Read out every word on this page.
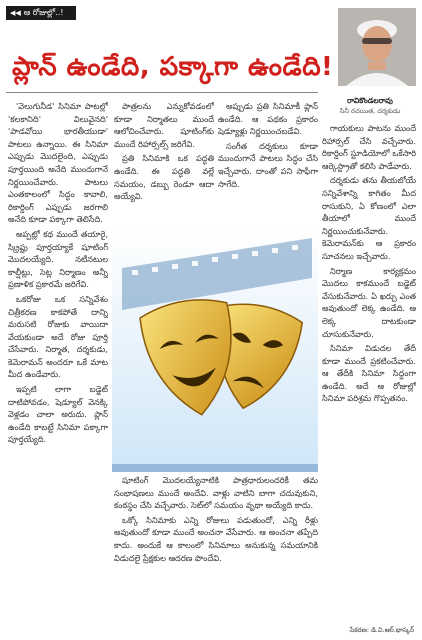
◀◀ ఆ రోజుల్లో..!
ప్లాన్ ఉండేది, పక్కాగా ఉండేది!
రావికొండలరావు
సినీ రచయిత, దర్శకుడు

'వెలుగునీడ' సినిమా పాటల్లో 'కలకానిది' విలువైనది' 'పాడవోయి భారతీయుడా' పాటలు ఉన్నాయి. ఈ సినిమా ఎప్పుడు మొదలైంది, ఎప్పుడు పూర్తయింది అనేది ముందుగానే నిర్ణయించేవారు. పాటలు ఎంతకాలంలో సిద్ధం కావాలి, రికార్డింగ్ ఎప్పుడు జరగాలి అనేది కూడా పక్కాగా తెలిసేది.

అప్పట్లో కథ ముందే తయారై, స్క్రిప్టు పూర్తయ్యాకే షూటింగ్ మొదలయ్యేది. నటీనటుల కాల్షీట్లు, సెట్ల నిర్మాణం అన్నీ ప్రణాళిక ప్రకారమే జరిగేవి.

ఒకరోజు ఒక సన్నివేశం చిత్రీకరణ కాకపోతే దాన్ని మరుసటి రోజుకు వాయిదా వేయకుండా అదే రోజు పూర్తి చేసేవారు. నిర్మాత, దర్శకుడు, కెమెరామన్ అందరూ ఒకే మాట మీద ఉండేవారు.

ఇప్పటి లాగా బడ్జెట్ దాటిపోవడం, షెడ్యూల్ వెనక్కి వెళ్లడం చాలా అరుదు. ప్లాన్ ఉండేది కాబట్టే సినిమా పక్కాగా పూర్తయ్యేది.

పాత్రలను ఎన్నుకోవడంలో కూడా నిర్మాతలు ముందే ఆలోచించేవారు. షూటింగ్‌కు ముందే రిహార్సల్స్ జరిగేవి.

ప్రతి సినిమాకి ఒక పద్ధతి ఉండేది. ఈ పద్ధతి వల్లే సమయం, డబ్బు రెండూ ఆదా అయ్యేవి.

అప్పుడు ప్రతి సినిమాకీ ప్లాన్ ఉండేది. ఆ పథకం ప్రకారం షెడ్యూళ్లు నిర్ణయించబడేవి.

సంగీత దర్శకులు కూడా ముందుగానే పాటలు సిద్ధం చేసి ఇచ్చేవారు. దాంతో పని సాఫీగా సాగేది.

షూటింగ్ మొదలయ్యేనాటికి పాత్రధారులందరికీ తమ సంభాషణలు ముందే అందేవి. వాళ్లు వాటిని బాగా చదువుకుని, కంఠస్థం చేసి వచ్చేవారు. సెట్‌లో సమయం వృథా అయ్యేది కాదు.

ఒక్కో సినిమాకు ఎన్ని రోజులు పడుతుందో, ఎన్ని రీళ్లు అవుతుందో కూడా ముందే అంచనా వేసేవారు. ఆ అంచనా తప్పేది కాదు. అందుకే ఆ కాలంలో సినిమాలు అనుకున్న సమయానికి విడుదలై ప్రేక్షకుల ఆదరణ పొందేవి.

గాయకులు పాటను ముందే రిహార్సల్ చేసి వచ్చేవారు. రికార్డింగ్ స్టూడియోలో ఒకేసారి ఆర్కెస్ట్రాతో కలిసి పాడేవారు.

దర్శకుడు తను తీయబోయే సన్నివేశాన్ని కాగితం మీద రాసుకుని, ఏ కోణంలో ఎలా తీయాలో ముందే నిర్ణయించుకునేవారు. కెమెరామన్‌కు ఆ ప్రకారం సూచనలు ఇచ్చేవారు.

నిర్మాణ కార్యక్రమం మొదలు కాకముందే బడ్జెట్ వేసుకునేవారు. ఏ ఖర్చు ఎంత అవుతుందో లెక్క ఉండేది. ఆ లెక్క దాటకుండా చూసుకునేవారు.

సినిమా విడుదల తేదీ కూడా ముందే ప్రకటించేవారు. ఆ తేదీకి సినిమా సిద్ధంగా ఉండేది. అదే ఆ రోజుల్లో సినిమా పరిశ్రమ గొప్పతనం.

సేకరణ: డి.వి.ఆర్.భాస్కర్
